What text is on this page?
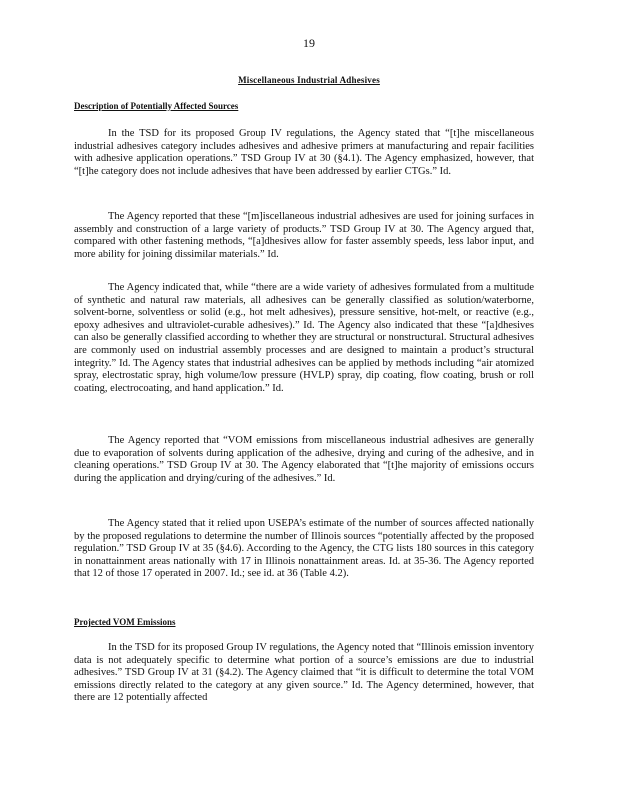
19
Miscellaneous Industrial Adhesives
Description of Potentially Affected Sources

In the TSD for its proposed Group IV regulations, the Agency stated that “[t]he miscellaneous industrial adhesives category includes adhesives and adhesive primers at manufacturing and repair facilities with adhesive application operations.” TSD Group IV at 30 (§4.1). The Agency emphasized, however, that “[t]he category does not include adhesives that have been addressed by earlier CTGs.” Id.

The Agency reported that these “[m]iscellaneous industrial adhesives are used for joining surfaces in assembly and construction of a large variety of products.” TSD Group IV at 30. The Agency argued that, compared with other fastening methods, “[a]dhesives allow for faster assembly speeds, less labor input, and more ability for joining dissimilar materials.” Id.

The Agency indicated that, while “there are a wide variety of adhesives formulated from a multitude of synthetic and natural raw materials, all adhesives can be generally classified as solution/waterborne, solvent-borne, solventless or solid (e.g., hot melt adhesives), pressure sensitive, hot-melt, or reactive (e.g., epoxy adhesives and ultraviolet-curable adhesives).” Id. The Agency also indicated that these “[a]dhesives can also be generally classified according to whether they are structural or nonstructural. Structural adhesives are commonly used on industrial assembly processes and are designed to maintain a product’s structural integrity.” Id. The Agency states that industrial adhesives can be applied by methods including “air atomized spray, electrostatic spray, high volume/low pressure (HVLP) spray, dip coating, flow coating, brush or roll coating, electrocoating, and hand application.” Id.

The Agency reported that “VOM emissions from miscellaneous industrial adhesives are generally due to evaporation of solvents during application of the adhesive, drying and curing of the adhesive, and in cleaning operations.” TSD Group IV at 30. The Agency elaborated that “[t]he majority of emissions occurs during the application and drying/curing of the adhesives.” Id.

The Agency stated that it relied upon USEPA’s estimate of the number of sources affected nationally by the proposed regulations to determine the number of Illinois sources “potentially affected by the proposed regulation.” TSD Group IV at 35 (§4.6). According to the Agency, the CTG lists 180 sources in this category in nonattainment areas nationally with 17 in Illinois nonattainment areas. Id. at 35-36. The Agency reported that 12 of those 17 operated in 2007. Id.; see id. at 36 (Table 4.2).

Projected VOM Emissions

In the TSD for its proposed Group IV regulations, the Agency noted that “Illinois emission inventory data is not adequately specific to determine what portion of a source’s emissions are due to industrial adhesives.” TSD Group IV at 31 (§4.2). The Agency claimed that “it is difficult to determine the total VOM emissions directly related to the category at any given source.” Id. The Agency determined, however, that there are 12 potentially affected
